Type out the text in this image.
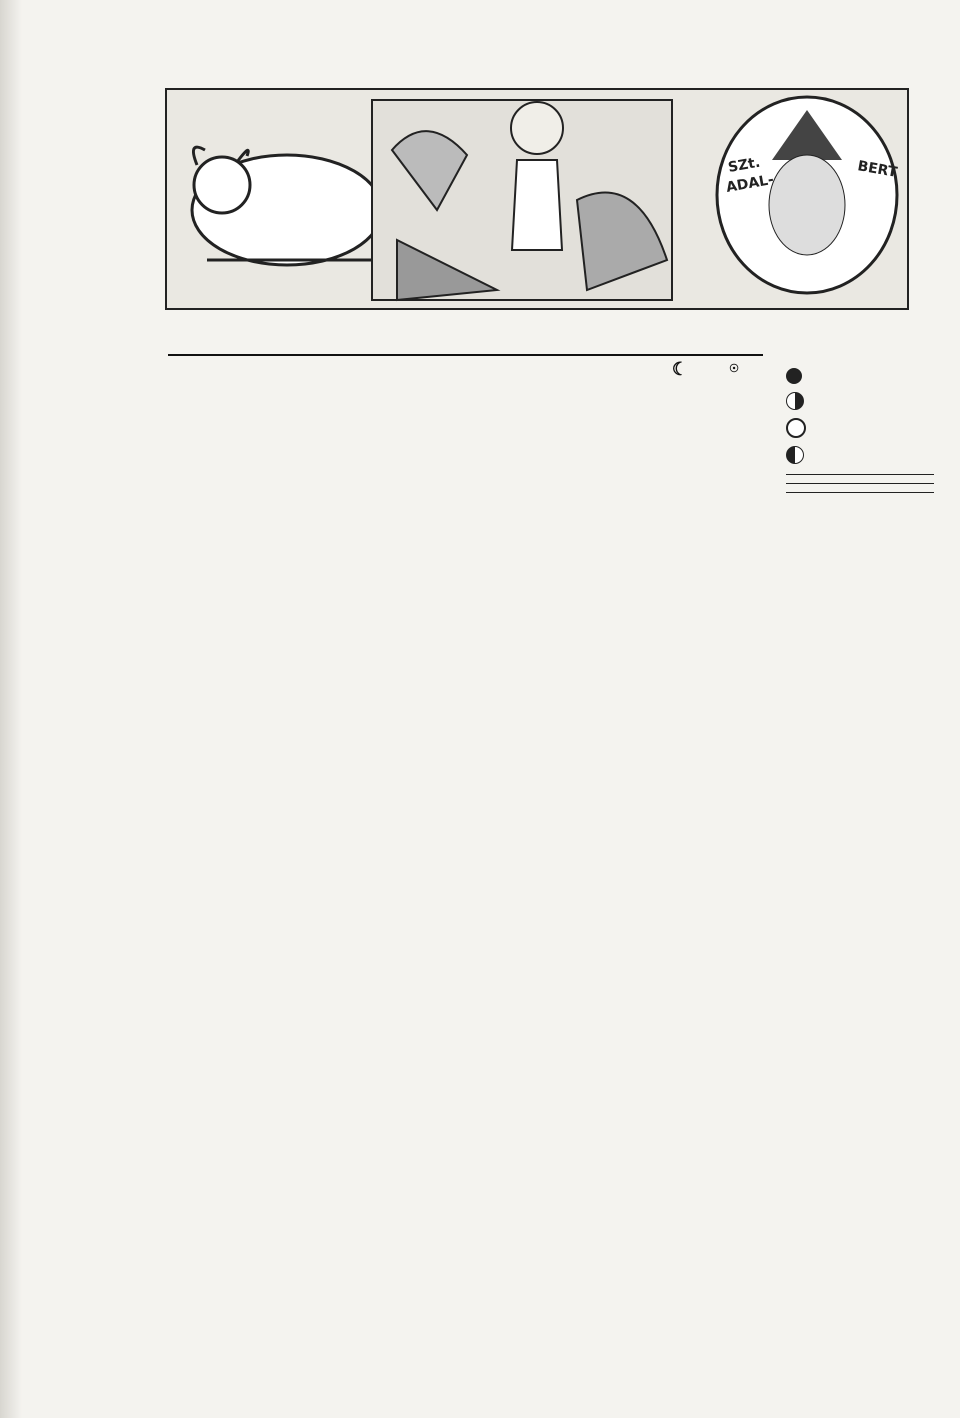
SZt.
ADAL-
BERT
☾	☉
